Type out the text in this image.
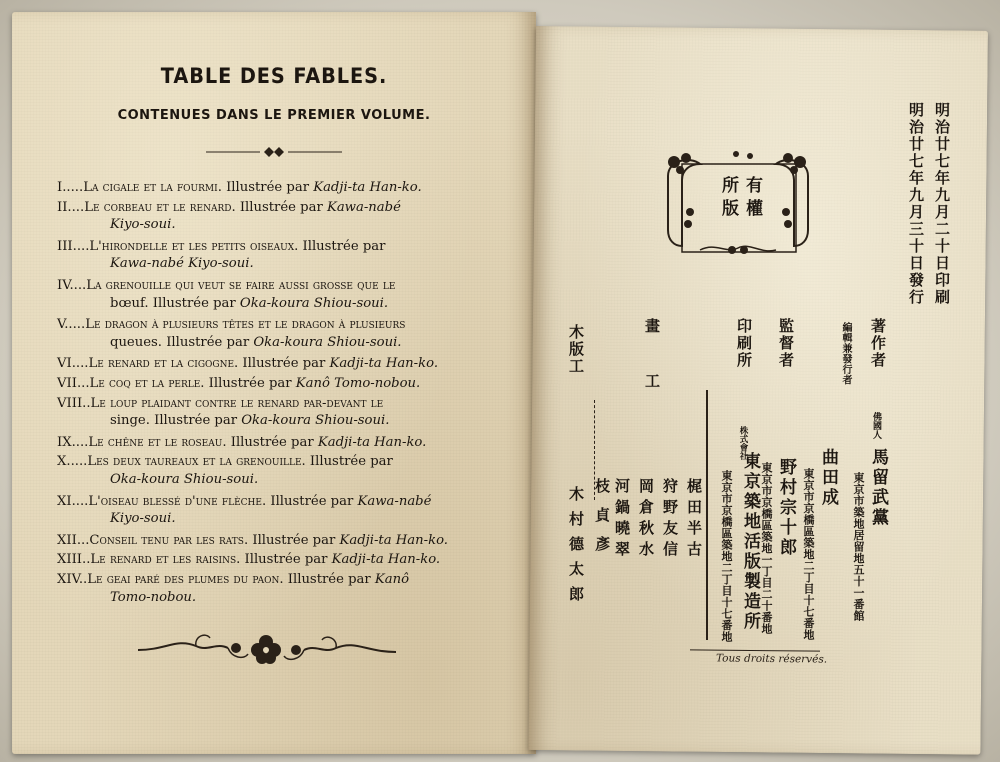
TABLE DES FABLES.
CONTENUES DANS LE PREMIER VOLUME.
I.....La cigale et la fourmi. Illustrée par Kadji-ta Han-ko.
II....Le corbeau et le renard. Illustrée par Kawa-nabé
Kiyo-soui.
III....L'hirondelle et les petits oiseaux. Illustrée par
Kawa-nabé Kiyo-soui.
IV....La grenouille qui veut se faire aussi grosse que le
bœuf. Illustrée par Oka-koura Shiou-soui.
V.....Le dragon à plusieurs têtes et le dragon à plusieurs
queues. Illustrée par Oka-koura Shiou-soui.
VI....Le renard et la cigogne. Illustrée par Kadji-ta Han-ko.
VII...Le coq et la perle. Illustrée par Kanô Tomo-nobou.
VIII..Le loup plaidant contre le renard par-devant le
singe. Illustrée par Oka-koura Shiou-soui.
IX....Le chêne et le roseau. Illustrée par Kadji-ta Han-ko.
X.....Les deux taureaux et la grenouille. Illustrée par
Oka-koura Shiou-soui.
XI....L'oiseau blessé d'une flèche. Illustrée par Kawa-nabé
Kiyo-soui.
XII...Conseil tenu par les rats. Illustrée par Kadji-ta Han-ko.
XIII..Le renard et les raisins. Illustrée par Kadji-ta Han-ko.
XIV..Le geai paré des plumes du paon. Illustrée par Kanô
Tomo-nobou.
明治廿七年九月二十日印刷
明治廿七年九月三十日發行
所版 有權
著作者
佛國人
馬留武黨
東京市築地居留地五十一番館
編輯兼發行者
曲田成
東京市京橋區築地二丁目十七番地
監督者
野村宗十郎
東京市京橋區築地一丁目二十番地
印刷所
株式會社
東京築地活版製造所
東京市京橋區築地二丁目十七番地
畫工
梶田半古
狩野友信
岡倉秋水
河鍋曉翠
枝貞彥
木版工
木村德太郎
Tous droits réservés.
